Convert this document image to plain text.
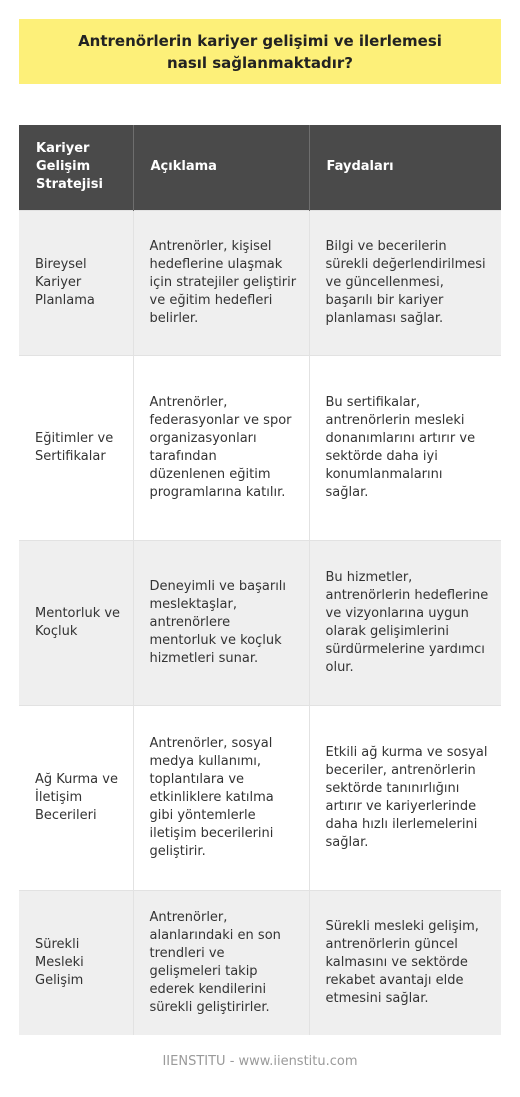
Antrenörlerin kariyer gelişimi ve ilerlemesi nasıl sağlanmaktadır?
Kariyer Gelişim Stratejisi	Açıklama	Faydaları
Bireysel Kariyer Planlama	Antrenörler, kişisel hedeflerine ulaşmak için stratejiler geliştirir ve eğitim hedefleri belirler.	Bilgi ve becerilerin sürekli değerlendirilmesi ve güncellenmesi, başarılı bir kariyer planlaması sağlar.
Eğitimler ve Sertifikalar	Antrenörler, federasyonlar ve spor organizasyonları tarafından düzenlenen eğitim programlarına katılır.	Bu sertifikalar, antrenörlerin mesleki donanımlarını artırır ve sektörde daha iyi konumlanmalarını sağlar.
Mentorluk ve Koçluk	Deneyimli ve başarılı meslektaşlar, antrenörlere mentorluk ve koçluk hizmetleri sunar.	Bu hizmetler, antrenörlerin hedeflerine ve vizyonlarına uygun olarak gelişimlerini sürdürmelerine yardımcı olur.
Ağ Kurma ve İletişim Becerileri	Antrenörler, sosyal medya kullanımı, toplantılara ve etkinliklere katılma gibi yöntemlerle iletişim becerilerini geliştirir.	Etkili ağ kurma ve sosyal beceriler, antrenörlerin sektörde tanınırlığını artırır ve kariyerlerinde daha hızlı ilerlemelerini sağlar.
Sürekli Mesleki Gelişim	Antrenörler, alanlarındaki en son trendleri ve gelişmeleri takip ederek kendilerini sürekli geliştirirler.	Sürekli mesleki gelişim, antrenörlerin güncel kalmasını ve sektörde rekabet avantajı elde etmesini sağlar.
IIENSTITU - www.iienstitu.com
